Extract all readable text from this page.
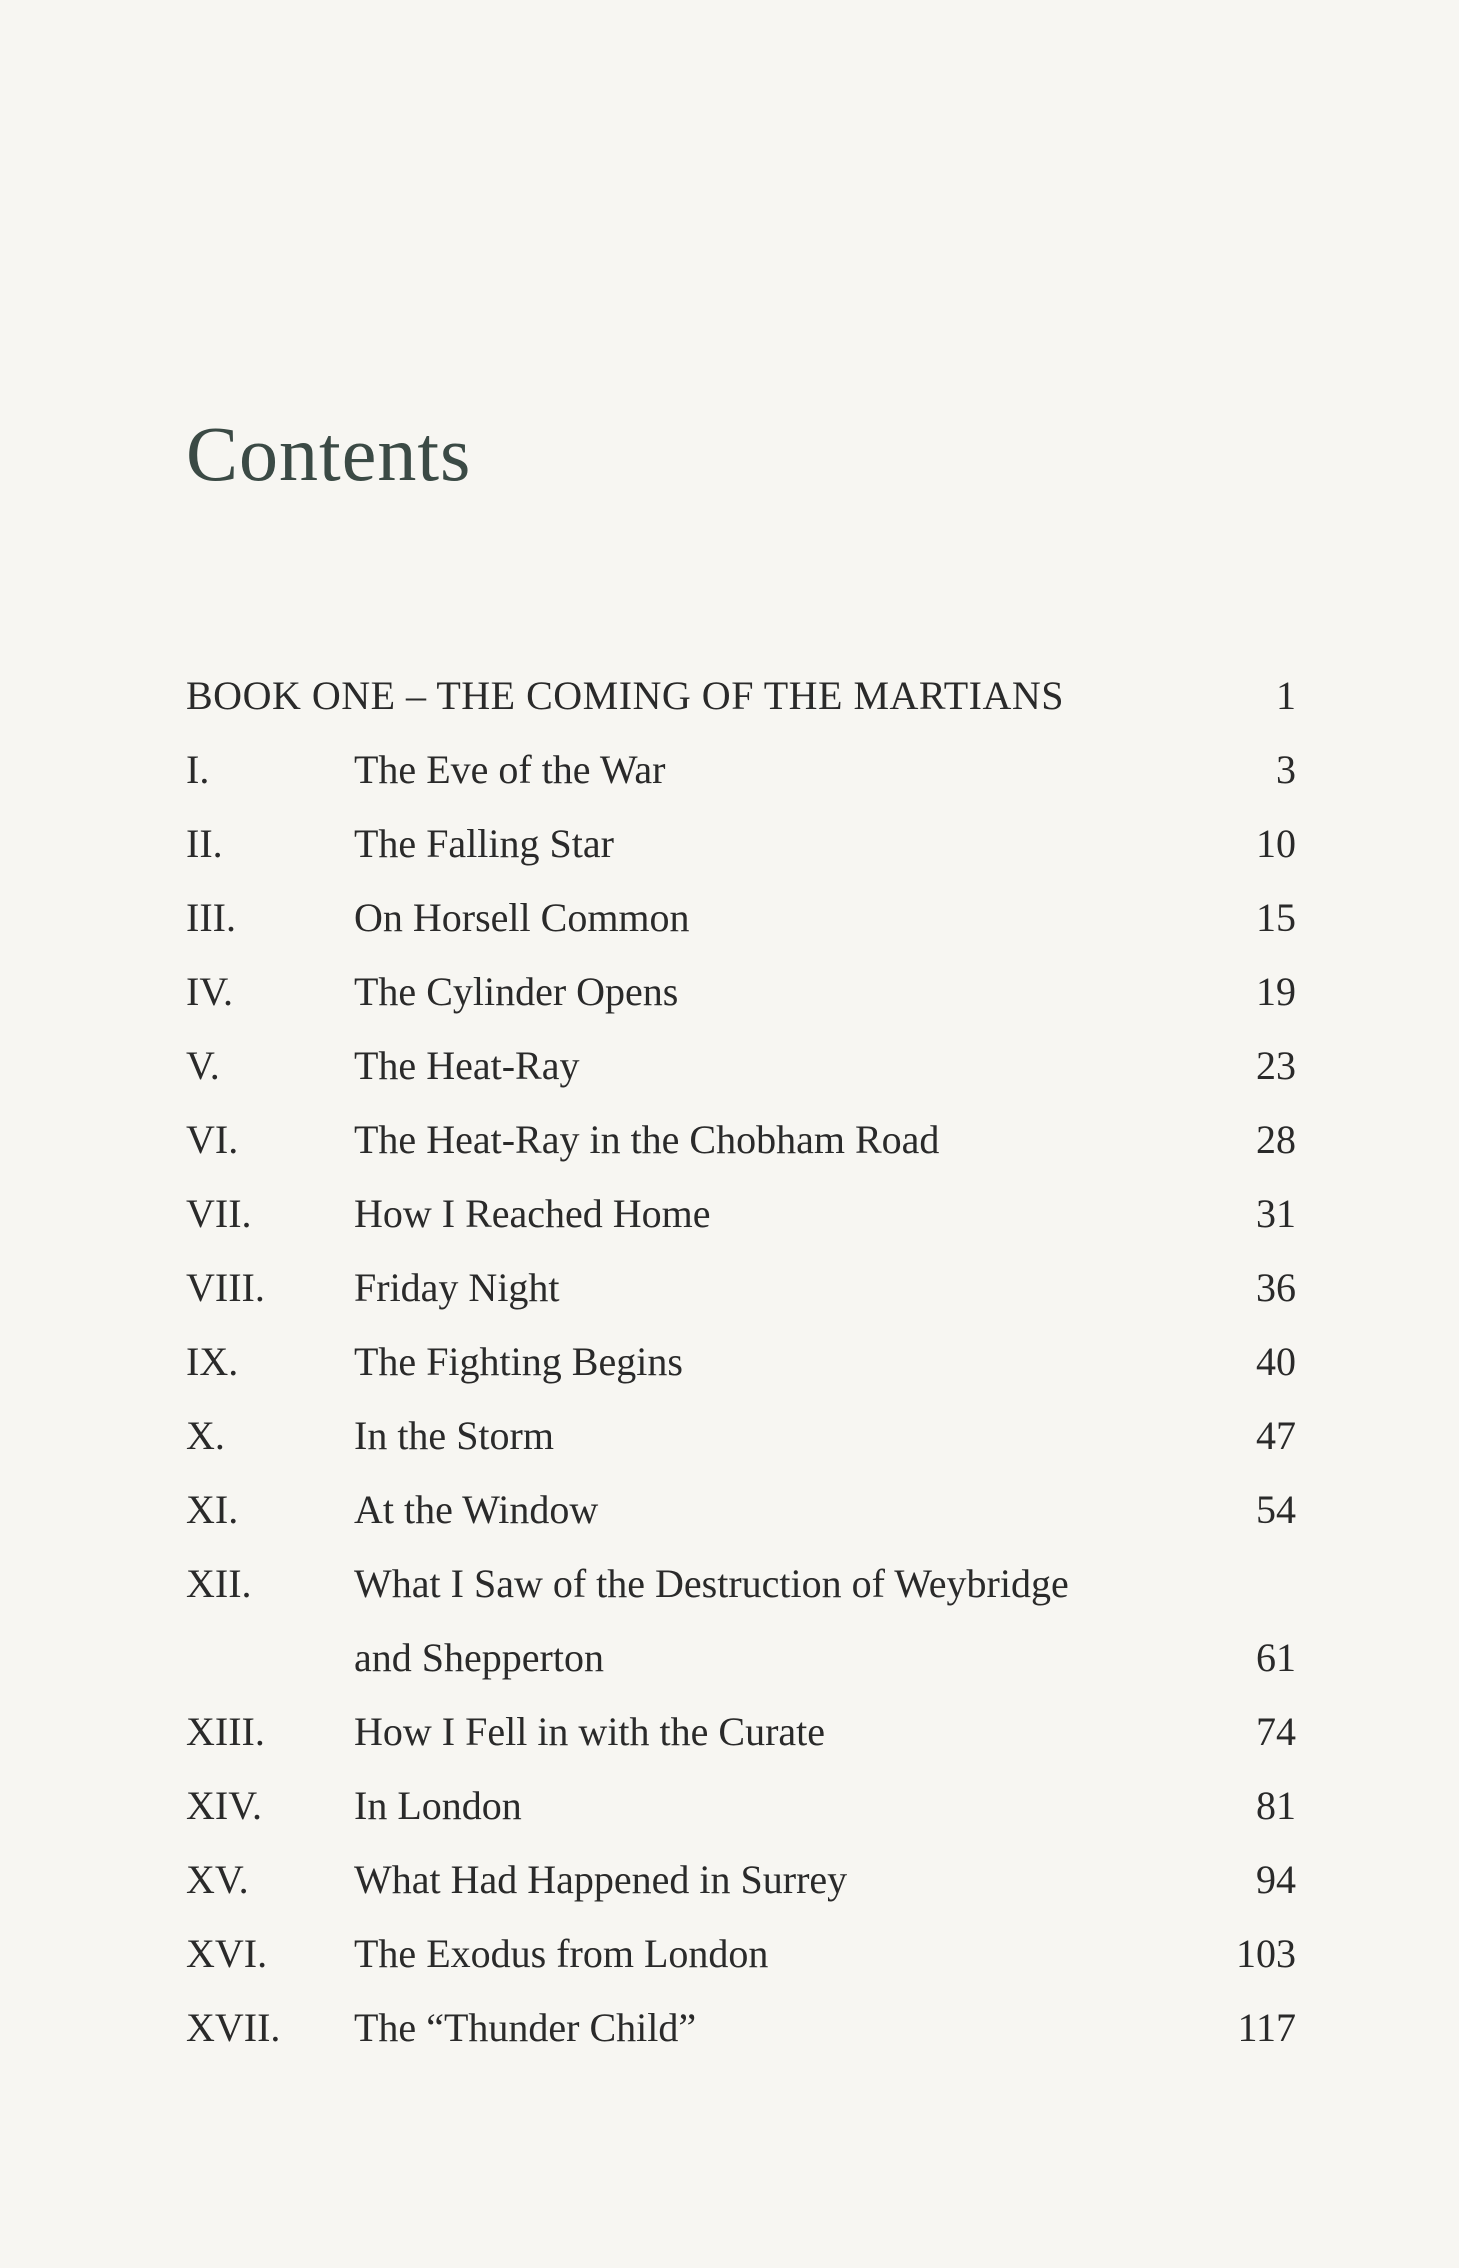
Contents
BOOK ONE – THE COMING OF THE MARTIANS	1
I.	The Eve of the War	3
II.	The Falling Star	10
III.	On Horsell Common	15
IV.	The Cylinder Opens	19
V.	The Heat-Ray	23
VI.	The Heat-Ray in the Chobham Road	28
VII.	How I Reached Home	31
VIII. Friday Night	36
IX.	The Fighting Begins	40
X.	In the Storm	47
XI.	At the Window	54
XII.	What I Saw of the Destruction of Weybridge
and Shepperton	61
XIII. How I Fell in with the Curate	74
XIV. In London	81
XV.	What Had Happened in Surrey	94
XVI. The Exodus from London	103
XVII. The “Thunder Child”	117
